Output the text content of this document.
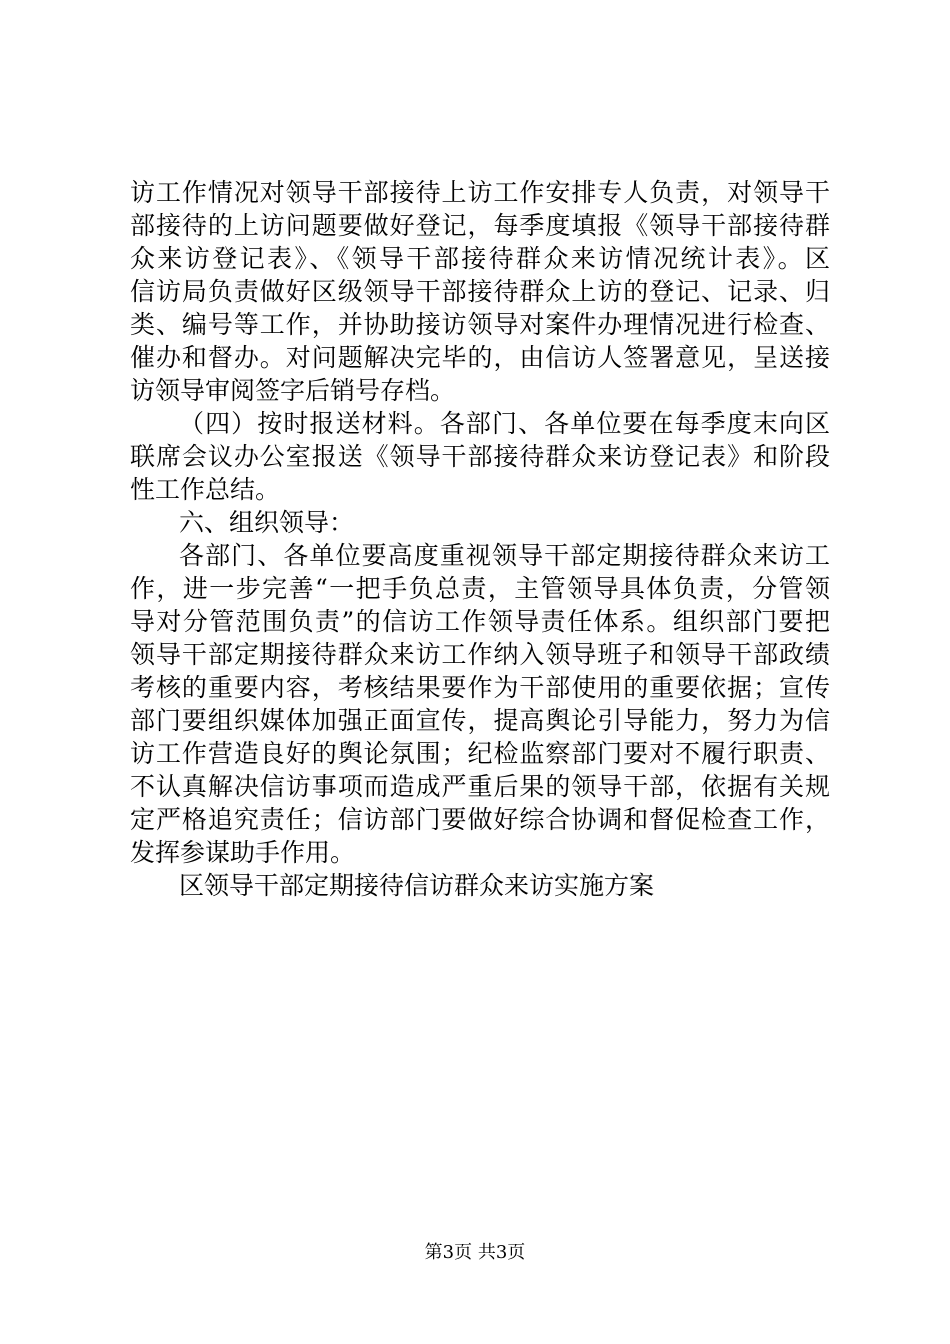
访工作情况对领导干部接待上访工作安排专人负责，对领导干
部接待的上访问题要做好登记，每季度填报《领导干部接待群
众来访登记表》、《领导干部接待群众来访情况统计表》。区
信访局负责做好区级领导干部接待群众上访的登记、记录、归
类、编号等工作，并协助接访领导对案件办理情况进行检查、
催办和督办。对问题解决完毕的，由信访人签署意见，呈送接
访领导审阅签字后销号存档。
（四）按时报送材料。各部门、各单位要在每季度末向区
联席会议办公室报送《领导干部接待群众来访登记表》和阶段
性工作总结。
六、组织领导：
各部门、各单位要高度重视领导干部定期接待群众来访工
作，进一步完善“一把手负总责，主管领导具体负责，分管领
导对分管范围负责”的信访工作领导责任体系。组织部门要把
领导干部定期接待群众来访工作纳入领导班子和领导干部政绩
考核的重要内容，考核结果要作为干部使用的重要依据；宣传
部门要组织媒体加强正面宣传，提高舆论引导能力，努力为信
访工作营造良好的舆论氛围；纪检监察部门要对不履行职责、
不认真解决信访事项而造成严重后果的领导干部，依据有关规
定严格追究责任；信访部门要做好综合协调和督促检查工作，
发挥参谋助手作用。
区领导干部定期接待信访群众来访实施方案
第3页 共3页
